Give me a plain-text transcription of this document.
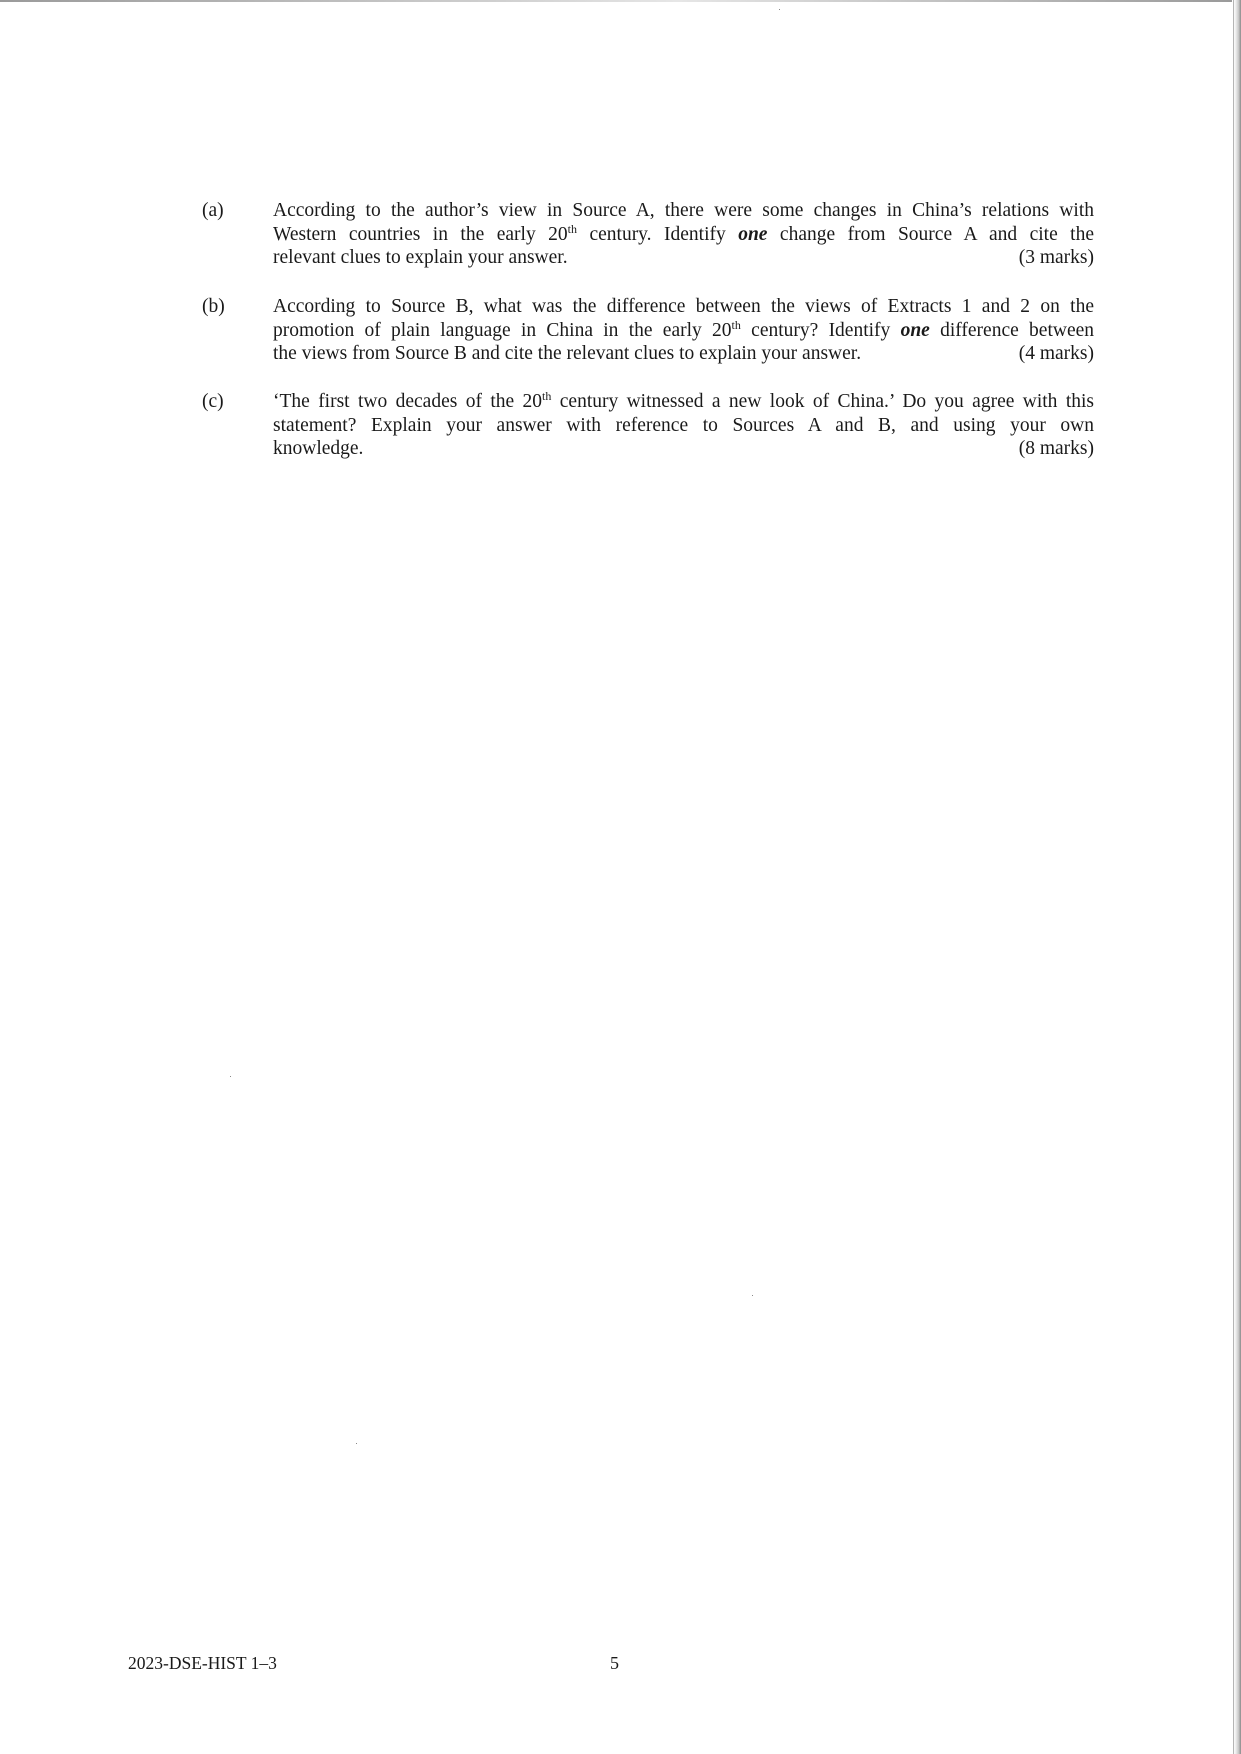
(a)	According to the author’s view in Source A, there were some changes in China’s relations with
Western countries in the early 20th century. Identify one change from Source A and cite the
relevant clues to explain your answer.	(3 marks)
(b)	According to Source B, what was the difference between the views of Extracts 1 and 2 on the
promotion of plain language in China in the early 20th century? Identify one difference between
the views from Source B and cite the relevant clues to explain your answer.	(4 marks)
(c)	‘The first two decades of the 20th century witnessed a new look of China.’ Do you agree with this
statement? Explain your answer with reference to Sources A and B, and using your own
knowledge.	(8 marks)
2023-DSE-HIST 1–3	5
